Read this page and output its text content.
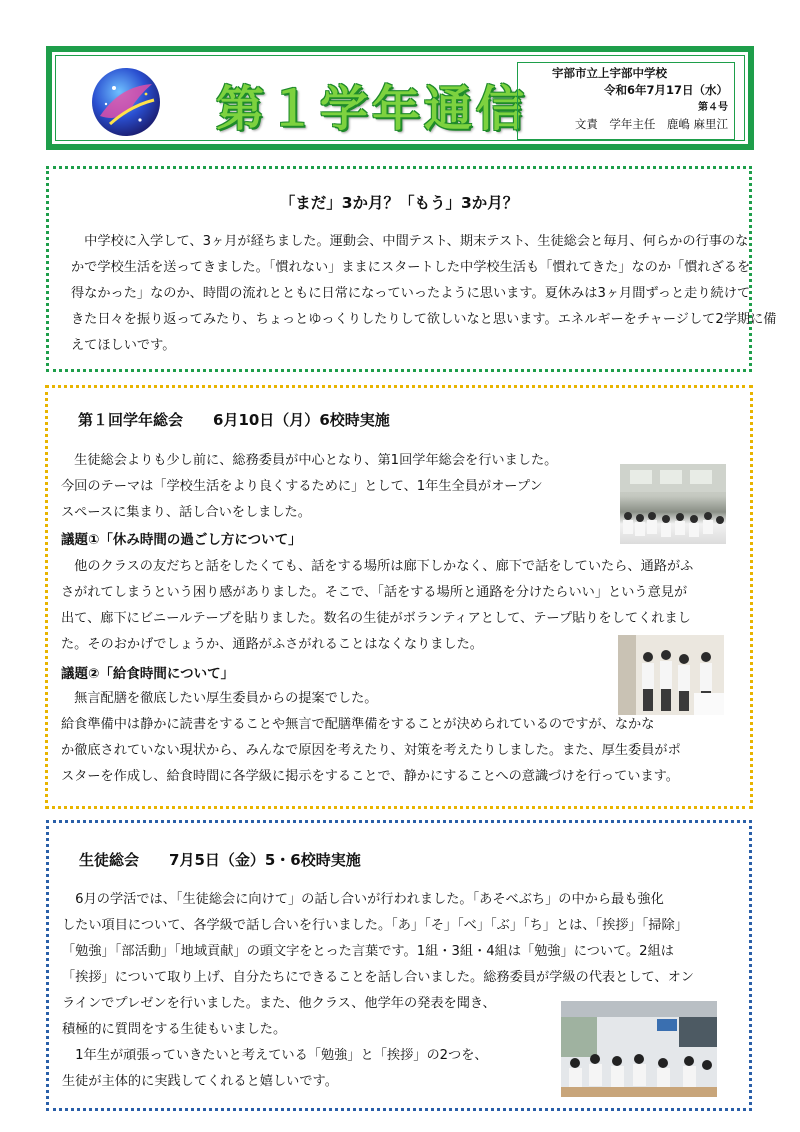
第１学年通信
宇部市立上宇部中学校
令和6年7月17日（水）
第４号
文責　学年主任　鹿嶋 麻里江
「まだ」3か月？「もう」3か月？
　中学校に入学して、3ヶ月が経ちました。運動会、中間テスト、期末テスト、生徒総会と毎月、何らかの行事のな
かで学校生活を送ってきました。「慣れない」ままにスタートした中学校生活も「慣れてきた」なのか「慣れざるを
得なかった」なのか、時間の流れとともに日常になっていったように思います。夏休みは3ヶ月間ずっと走り続けて
きた日々を振り返ってみたり、ちょっとゆっくりしたりして欲しいなと思います。エネルギーをチャージして2学期に備
えてほしいです。
第１回学年総会　　6月10日（月）6校時実施
　生徒総会よりも少し前に、総務委員が中心となり、第1回学年総会を行いました。
今回のテーマは「学校生活をより良くするために」として、1年生全員がオープン
スペースに集まり、話し合いをしました。
議題①「休み時間の過ごし方について」
　他のクラスの友だちと話をしたくても、話をする場所は廊下しかなく、廊下で話をしていたら、通路がふ
さがれてしまうという困り感がありました。そこで、「話をする場所と通路を分けたらいい」という意見が
出て、廊下にビニールテープを貼りました。数名の生徒がボランティアとして、テープ貼りをしてくれまし
た。そのおかげでしょうか、通路がふさがれることはなくなりました。
議題②「給食時間について」
　無言配膳を徹底したい厚生委員からの提案でした。
給食準備中は静かに読書をすることや無言で配膳準備をすることが決められているのですが、なかな
か徹底されていない現状から、みんなで原因を考えたり、対策を考えたりしました。また、厚生委員がポ
スターを作成し、給食時間に各学級に掲示をすることで、静かにすることへの意識づけを行っています。
生徒総会　　7月5日（金）5・6校時実施
　6月の学活では、「生徒総会に向けて」の話し合いが行われました。「あそべぶち」の中から最も強化
したい項目について、各学級で話し合いを行いました。「あ」「そ」「べ」「ぶ」「ち」とは、「挨拶」「掃除」
「勉強」「部活動」「地域貢献」の頭文字をとった言葉です。1組・3組・4組は「勉強」について。2組は
「挨拶」について取り上げ、自分たちにできることを話し合いました。総務委員が学級の代表として、オン
ラインでプレゼンを行いました。また、他クラス、他学年の発表を聞き、
積極的に質問をする生徒もいました。
　1年生が頑張っていきたいと考えている「勉強」と「挨拶」の2つを、
生徒が主体的に実践してくれると嬉しいです。
